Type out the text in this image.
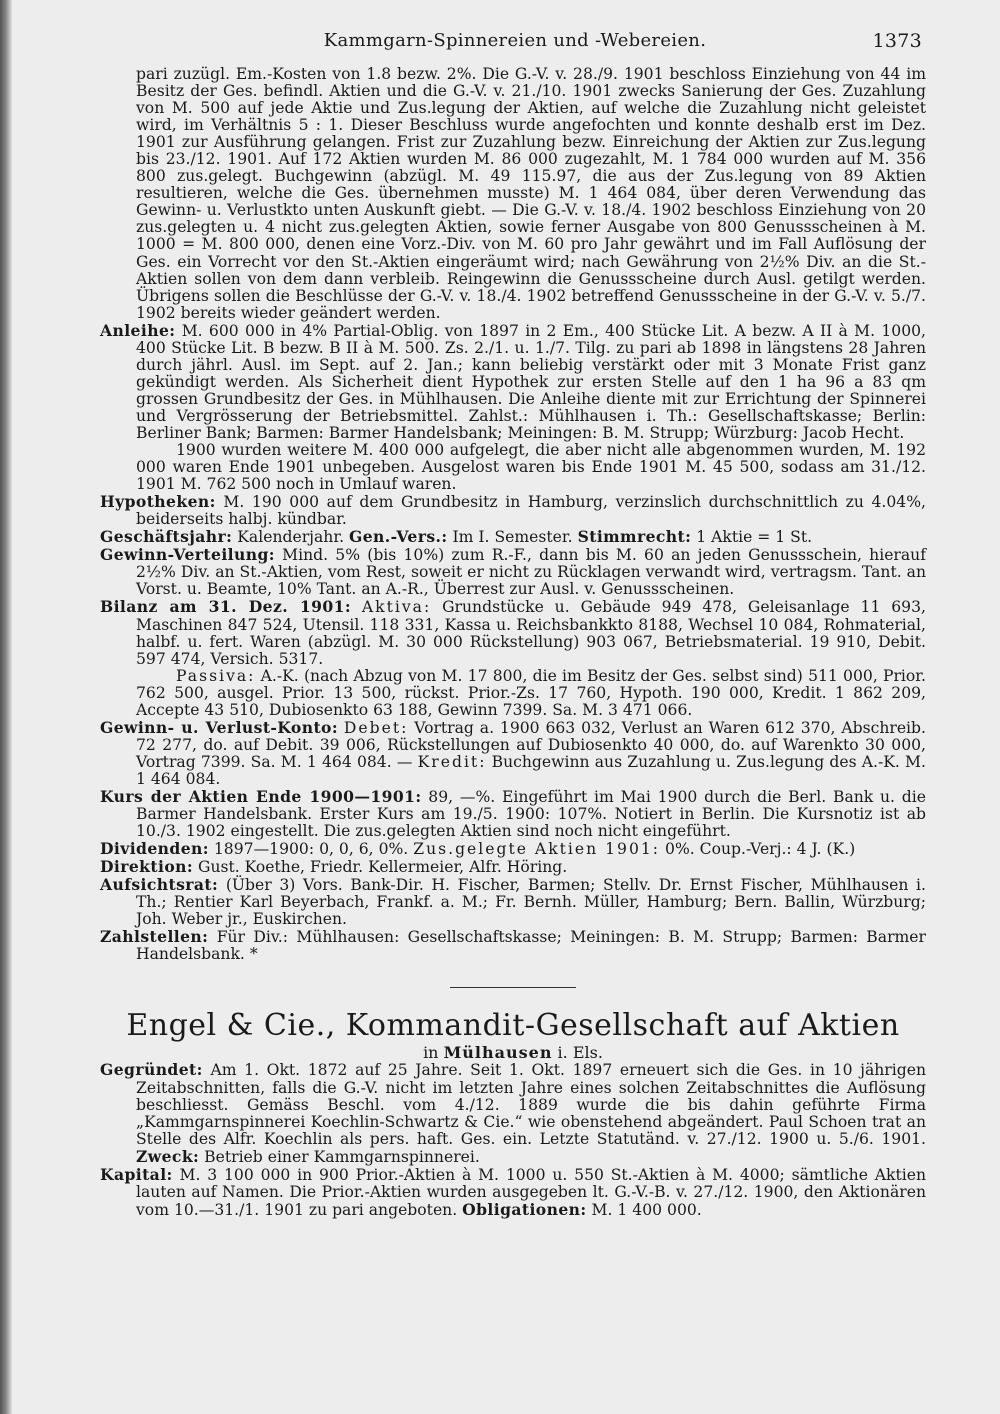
Kammgarn-Spinnereien und -Webereien.	1373

pari zuzügl. Em.-Kosten von 1.8 bezw. 2%. Die G.-V. v. 28./9. 1901 beschloss Einziehung von 44 im Besitz der Ges. befindl. Aktien und die G.-V. v. 21./10. 1901 zwecks Sanierung der Ges. Zuzahlung von M. 500 auf jede Aktie und Zus.legung der Aktien, auf welche die Zuzahlung nicht geleistet wird, im Verhältnis 5 : 1. Dieser Beschluss wurde angefochten und konnte deshalb erst im Dez. 1901 zur Ausführung gelangen. Frist zur Zuzahlung bezw. Einreichung der Aktien zur Zus.legung bis 23./12. 1901. Auf 172 Aktien wurden M. 86 000 zugezahlt, M. 1 784 000 wurden auf M. 356 800 zus.gelegt. Buchgewinn (abzügl. M. 49 115.97, die aus der Zus.legung von 89 Aktien resultieren, welche die Ges. übernehmen musste) M. 1 464 084, über deren Verwendung das Gewinn- u. Verlustkto unten Auskunft giebt. — Die G.-V. v. 18./4. 1902 beschloss Einziehung von 20 zus.gelegten u. 4 nicht zus.gelegten Aktien, sowie ferner Ausgabe von 800 Genussscheinen à M. 1000 = M. 800 000, denen eine Vorz.-Div. von M. 60 pro Jahr gewährt und im Fall Auflösung der Ges. ein Vorrecht vor den St.-Aktien eingeräumt wird; nach Gewährung von 2½% Div. an die St.-Aktien sollen von dem dann verbleib. Reingewinn die Genussscheine durch Ausl. getilgt werden. Übrigens sollen die Beschlüsse der G.-V. v. 18./4. 1902 betreffend Genussscheine in der G.-V. v. 5./7. 1902 bereits wieder geändert werden.

Anleihe: M. 600 000 in 4% Partial-Oblig. von 1897 in 2 Em., 400 Stücke Lit. A bezw. A II à M. 1000, 400 Stücke Lit. B bezw. B II à M. 500. Zs. 2./1. u. 1./7. Tilg. zu pari ab 1898 in längstens 28 Jahren durch jährl. Ausl. im Sept. auf 2. Jan.; kann beliebig verstärkt oder mit 3 Monate Frist ganz gekündigt werden. Als Sicherheit dient Hypothek zur ersten Stelle auf den 1 ha 96 a 83 qm grossen Grundbesitz der Ges. in Mühlhausen. Die Anleihe diente mit zur Errichtung der Spinnerei und Vergrösserung der Betriebsmittel. Zahlst.: Mühlhausen i. Th.: Gesellschaftskasse; Berlin: Berliner Bank; Barmen: Barmer Handelsbank; Meiningen: B. M. Strupp; Würzburg: Jacob Hecht.

1900 wurden weitere M. 400 000 aufgelegt, die aber nicht alle abgenommen wurden, M. 192 000 waren Ende 1901 unbegeben. Ausgelost waren bis Ende 1901 M. 45 500, sodass am 31./12. 1901 M. 762 500 noch in Umlauf waren.

Hypotheken: M. 190 000 auf dem Grundbesitz in Hamburg, verzinslich durchschnittlich zu 4.04%, beiderseits halbj. kündbar.

Geschäftsjahr: Kalenderjahr. Gen.-Vers.: Im I. Semester. Stimmrecht: 1 Aktie = 1 St.

Gewinn-Verteilung: Mind. 5% (bis 10%) zum R.-F., dann bis M. 60 an jeden Genussschein, hierauf 2½% Div. an St.-Aktien, vom Rest, soweit er nicht zu Rücklagen verwandt wird, vertragsm. Tant. an Vorst. u. Beamte, 10% Tant. an A.-R., Überrest zur Ausl. v. Genussscheinen.

Bilanz am 31. Dez. 1901: Aktiva: Grundstücke u. Gebäude 949 478, Geleisanlage 11 693, Maschinen 847 524, Utensil. 118 331, Kassa u. Reichsbankkto 8188, Wechsel 10 084, Rohmaterial, halbf. u. fert. Waren (abzügl. M. 30 000 Rückstellung) 903 067, Betriebsmaterial. 19 910, Debit. 597 474, Versich. 5317.

Passiva: A.-K. (nach Abzug von M. 17 800, die im Besitz der Ges. selbst sind) 511 000, Prior. 762 500, ausgel. Prior. 13 500, rückst. Prior.-Zs. 17 760, Hypoth. 190 000, Kredit. 1 862 209, Accepte 43 510, Dubiosenkto 63 188, Gewinn 7399. Sa. M. 3 471 066.

Gewinn- u. Verlust-Konto: Debet: Vortrag a. 1900 663 032, Verlust an Waren 612 370, Abschreib. 72 277, do. auf Debit. 39 006, Rückstellungen auf Dubiosenkto 40 000, do. auf Warenkto 30 000, Vortrag 7399. Sa. M. 1 464 084. — Kredit: Buchgewinn aus Zuzahlung u. Zus.legung des A.-K. M. 1 464 084.

Kurs der Aktien Ende 1900—1901: 89, —%. Eingeführt im Mai 1900 durch die Berl. Bank u. die Barmer Handelsbank. Erster Kurs am 19./5. 1900: 107%. Notiert in Berlin. Die Kursnotiz ist ab 10./3. 1902 eingestellt. Die zus.gelegten Aktien sind noch nicht eingeführt.

Dividenden: 1897—1900: 0, 0, 6, 0%. Zus.gelegte Aktien 1901: 0%. Coup.-Verj.: 4 J. (K.)

Direktion: Gust. Koethe, Friedr. Kellermeier, Alfr. Höring.

Aufsichtsrat: (Über 3) Vors. Bank-Dir. H. Fischer, Barmen; Stellv. Dr. Ernst Fischer, Mühlhausen i. Th.; Rentier Karl Beyerbach, Frankf. a. M.; Fr. Bernh. Müller, Hamburg; Bern. Ballin, Würzburg; Joh. Weber jr., Euskirchen.

Zahlstellen: Für Div.: Mühlhausen: Gesellschaftskasse; Meiningen: B. M. Strupp; Barmen: Barmer Handelsbank. *

Engel & Cie., Kommandit-Gesellschaft auf Aktien

in Mülhausen i. Els.

Gegründet: Am 1. Okt. 1872 auf 25 Jahre. Seit 1. Okt. 1897 erneuert sich die Ges. in 10 jährigen Zeitabschnitten, falls die G.-V. nicht im letzten Jahre eines solchen Zeitabschnittes die Auflösung beschliesst. Gemäss Beschl. vom 4./12. 1889 wurde die bis dahin geführte Firma „Kammgarnspinnerei Koechlin-Schwartz & Cie.“ wie obenstehend abgeändert. Paul Schoen trat an Stelle des Alfr. Koechlin als pers. haft. Ges. ein. Letzte Statutänd. v. 27./12. 1900 u. 5./6. 1901. Zweck: Betrieb einer Kammgarnspinnerei.

Kapital: M. 3 100 000 in 900 Prior.-Aktien à M. 1000 u. 550 St.-Aktien à M. 4000; sämtliche Aktien lauten auf Namen. Die Prior.-Aktien wurden ausgegeben lt. G.-V.-B. v. 27./12. 1900, den Aktionären vom 10.—31./1. 1901 zu pari angeboten. Obligationen: M. 1 400 000.
